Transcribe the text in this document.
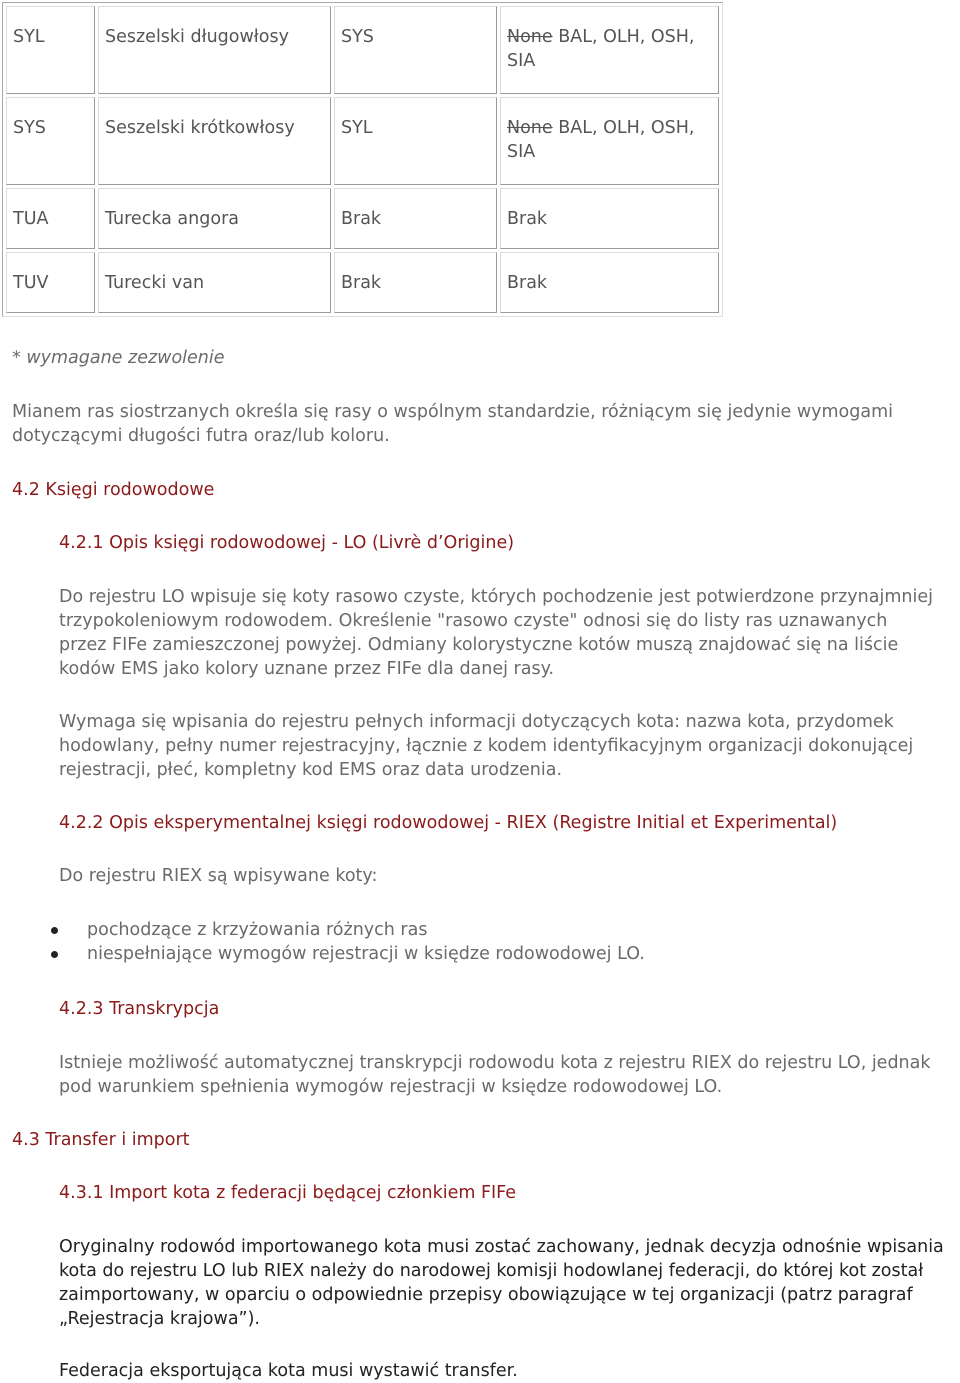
SYL	Seszelski długowłosy	SYS	None BAL, OLH, OSH, SIA
SYS	Seszelski krótkowłosy	SYL	None BAL, OLH, OSH, SIA
TUA	Turecka angora	Brak	Brak
TUV	Turecki van	Brak	Brak

* wymagane zezwolenie

Mianem ras siostrzanych określa się rasy o wspólnym standardzie, różniącym się jedynie wymogami dotyczącymi długości futra oraz/lub koloru.

4.2 Księgi rodowodowe

4.2.1 Opis księgi rodowodowej - LO (Livrè d’Origine)

Do rejestru LO wpisuje się koty rasowo czyste, których pochodzenie jest potwierdzone przynajmniej trzypokoleniowym rodowodem. Określenie "rasowo czyste" odnosi się do listy ras uznawanych przez FIFe zamieszczonej powyżej. Odmiany kolorystyczne kotów muszą znajdować się na liście kodów EMS jako kolory uznane przez FIFe dla danej rasy.

Wymaga się wpisania do rejestru pełnych informacji dotyczących kota: nazwa kota, przydomek hodowlany, pełny numer rejestracyjny, łącznie z kodem identyfikacyjnym organizacji dokonującej rejestracji, płeć, kompletny kod EMS oraz data urodzenia.

4.2.2 Opis eksperymentalnej księgi rodowodowej - RIEX (Registre Initial et Experimental)

Do rejestru RIEX są wpisywane koty:

pochodzące z krzyżowania różnych ras
niespełniające wymogów rejestracji w księdze rodowodowej LO.

4.2.3 Transkrypcja

Istnieje możliwość automatycznej transkrypcji rodowodu kota z rejestru RIEX do rejestru LO, jednak pod warunkiem spełnienia wymogów rejestracji w księdze rodowodowej LO.

4.3 Transfer i import

4.3.1 Import kota z federacji będącej członkiem FIFe

Oryginalny rodowód importowanego kota musi zostać zachowany, jednak decyzja odnośnie wpisania kota do rejestru LO lub RIEX należy do narodowej komisji hodowlanej federacji, do której kot został zaimportowany, w oparciu o odpowiednie przepisy obowiązujące w tej organizacji (patrz paragraf „Rejestracja krajowa”).

Federacja eksportująca kota musi wystawić transfer.
